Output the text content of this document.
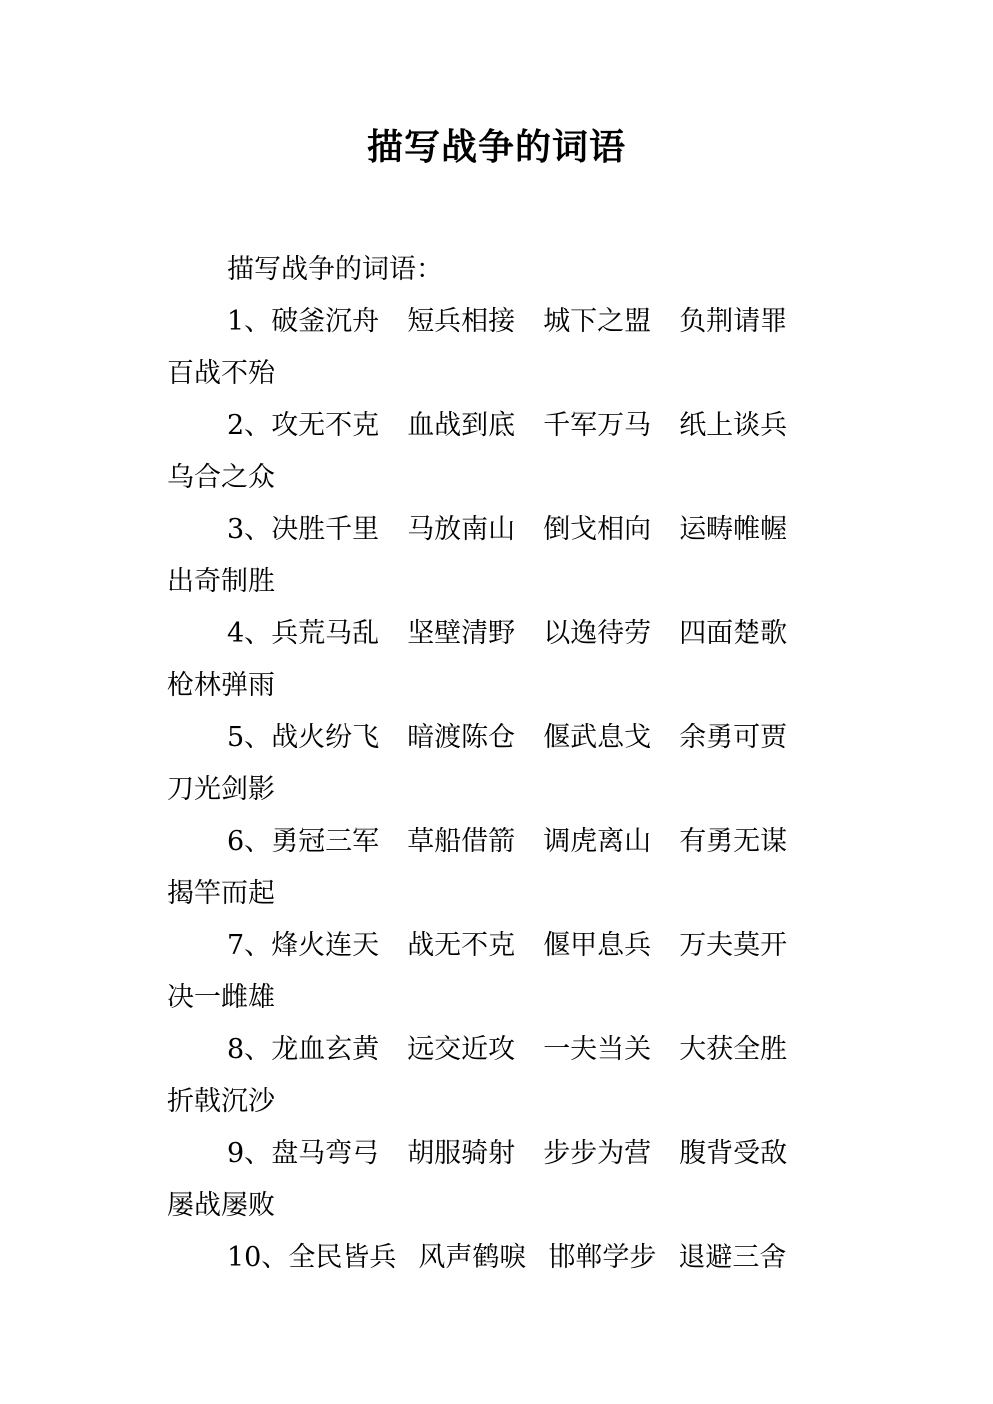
描写战争的词语

描写战争的词语：

1、破釜沉舟 短兵相接 城下之盟 负荆请罪

百战不殆

2、攻无不克 血战到底 千军万马 纸上谈兵

乌合之众

3、决胜千里 马放南山 倒戈相向 运畴帷幄

出奇制胜

4、兵荒马乱 坚壁清野 以逸待劳 四面楚歌

枪林弹雨

5、战火纷飞 暗渡陈仓 偃武息戈 余勇可贾

刀光剑影

6、勇冠三军 草船借箭 调虎离山 有勇无谋

揭竿而起

7、烽火连天 战无不克 偃甲息兵 万夫莫开

决一雌雄

8、龙血玄黄 远交近攻 一夫当关 大获全胜

折戟沉沙

9、盘马弯弓 胡服骑射 步步为营 腹背受敌

屡战屡败

10、全民皆兵 风声鹤唳 邯郸学步 退避三舍
